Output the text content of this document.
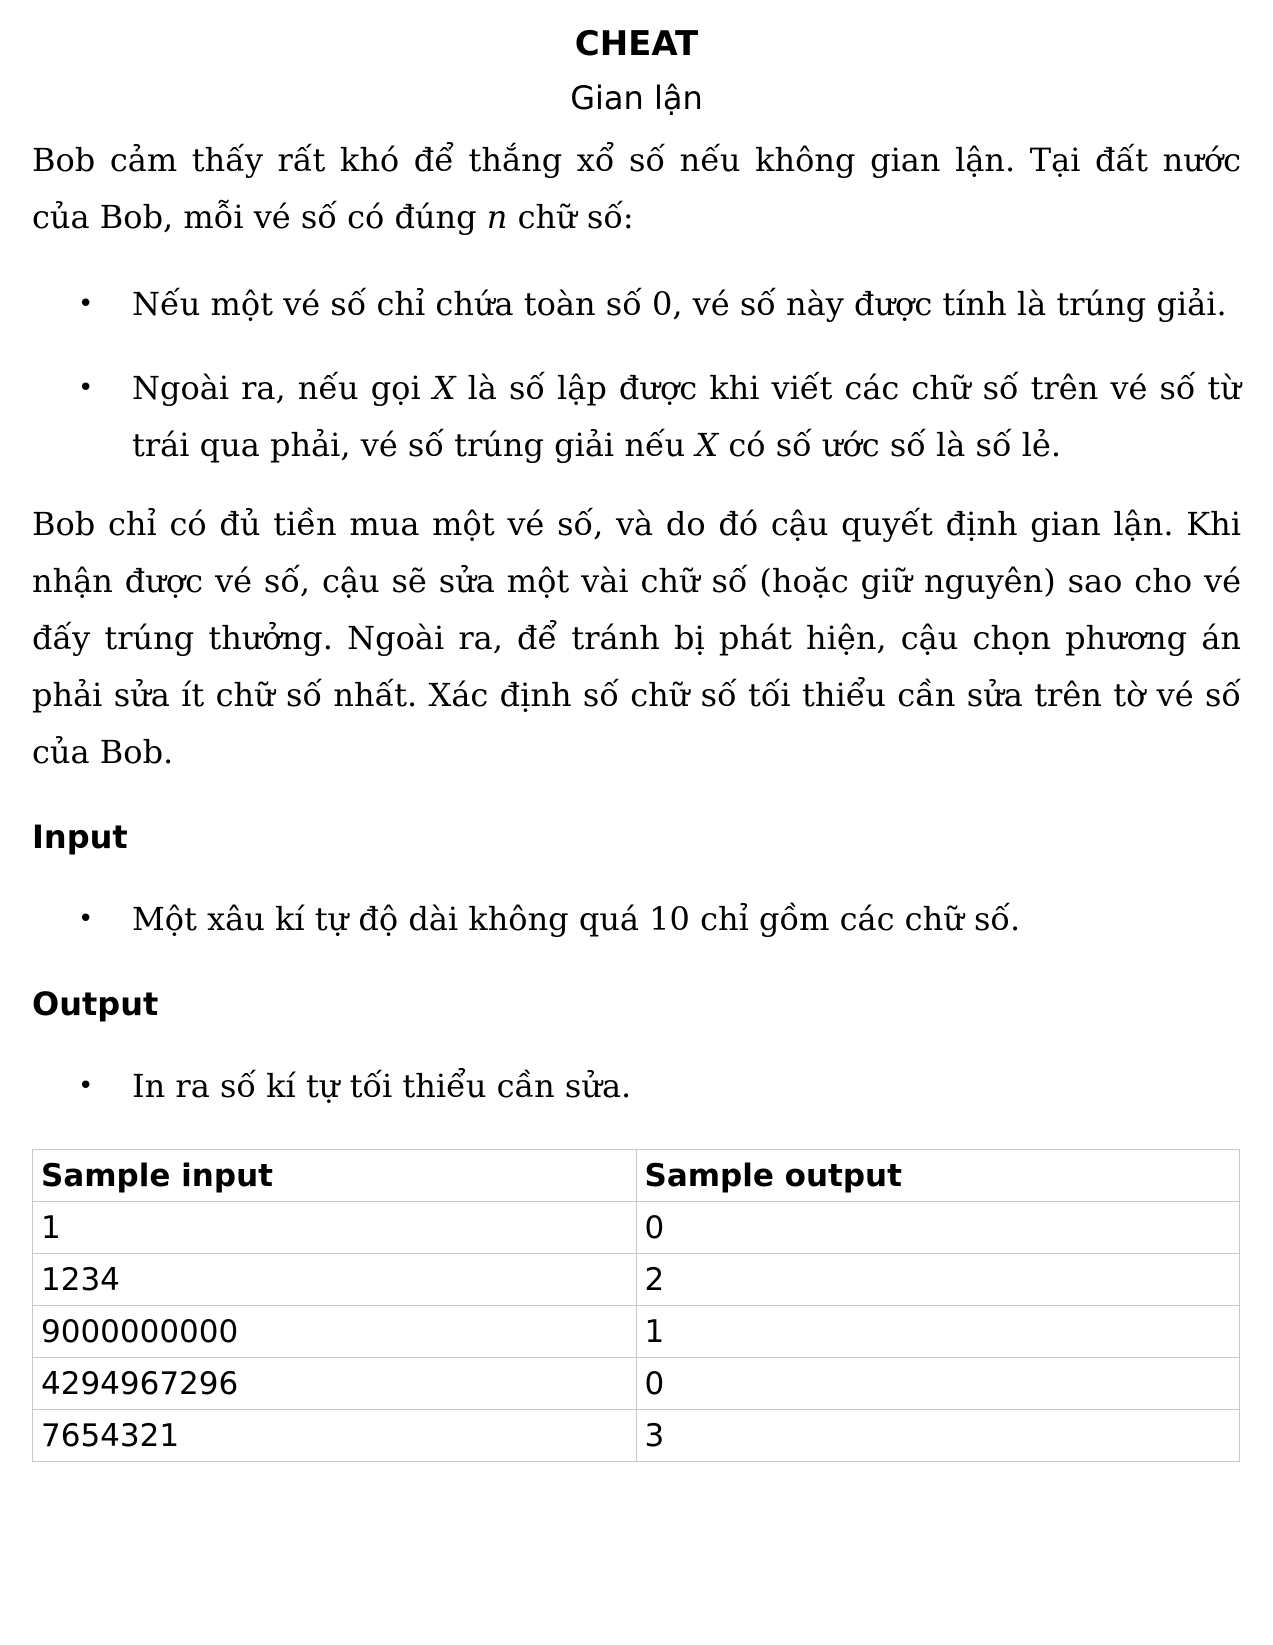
CHEAT

Gian lận

Bob cảm thấy rất khó để thắng xổ số nếu không gian lận. Tại đất nước của Bob, mỗi vé số có đúng n chữ số:

• Nếu một vé số chỉ chứa toàn số 0, vé số này được tính là trúng giải.
• Ngoài ra, nếu gọi X là số lập được khi viết các chữ số trên vé số từ trái qua phải, vé số trúng giải nếu X có số ước số là số lẻ.

Bob chỉ có đủ tiền mua một vé số, và do đó cậu quyết định gian lận. Khi nhận được vé số, cậu sẽ sửa một vài chữ số (hoặc giữ nguyên) sao cho vé đấy trúng thưởng. Ngoài ra, để tránh bị phát hiện, cậu chọn phương án phải sửa ít chữ số nhất. Xác định số chữ số tối thiểu cần sửa trên tờ vé số của Bob.

Input
• Một xâu kí tự độ dài không quá 10 chỉ gồm các chữ số.
Output
• In ra số kí tự tối thiểu cần sửa.
Sample input	Sample output
1	0
1234	2
9000000000	1
4294967296	0
7654321	3
